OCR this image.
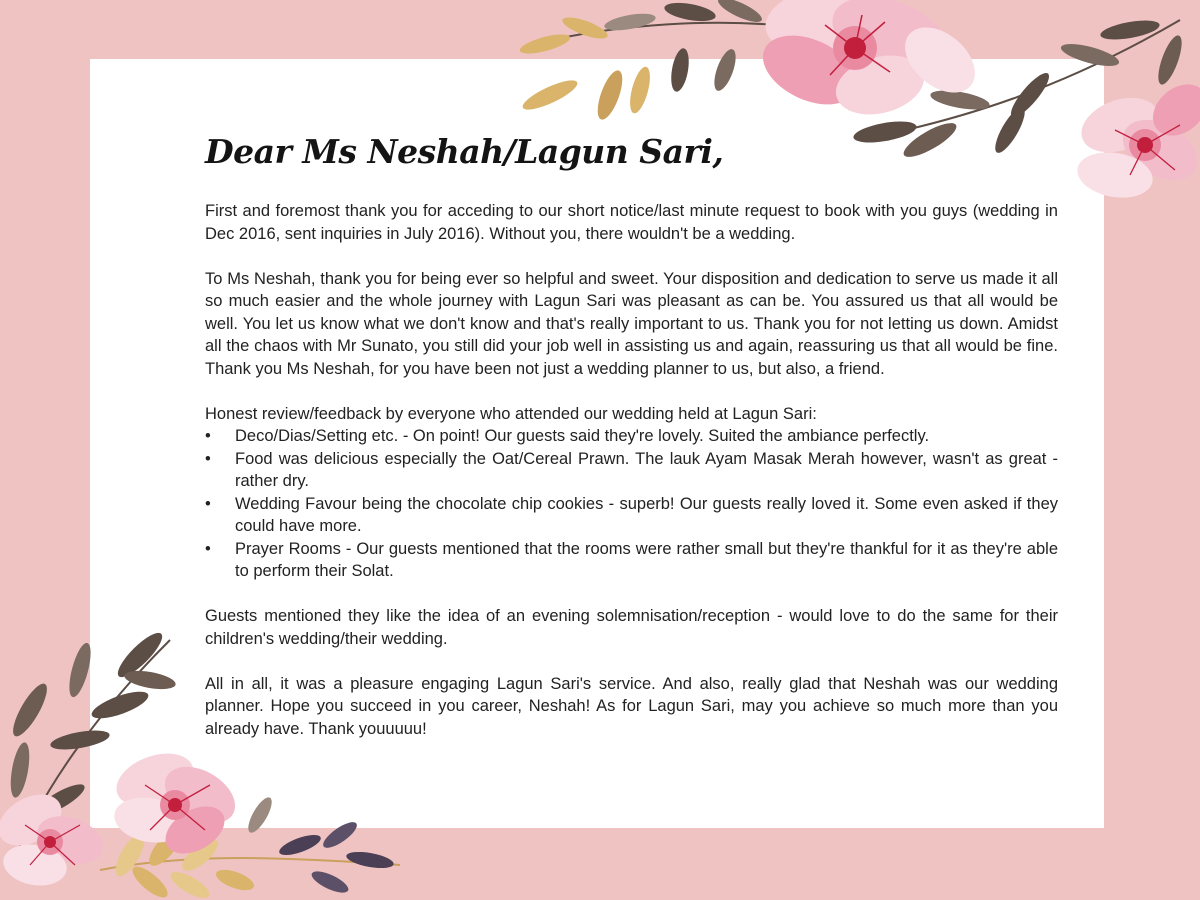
Dear Ms Neshah/Lagun Sari,

First and foremost thank you for acceding to our short notice/last minute request to book with you guys (wedding in Dec 2016, sent inquiries in July 2016). Without you, there wouldn't be a wedding.

To Ms Neshah, thank you for being ever so helpful and sweet. Your disposition and dedication to serve us made it all so much easier and the whole journey with Lagun Sari was pleasant as can be. You assured us that all would be well. You let us know what we don't know and that's really important to us. Thank you for not letting us down. Amidst all the chaos with Mr Sunato, you still did your job well in assisting us and again, reassuring us that all would be fine. Thank you Ms Neshah, for you have been not just a wedding planner to us, but also, a friend.

Honest review/feedback by everyone who attended our wedding held at Lagun Sari:

• Deco/Dias/Setting etc. - On point! Our guests said they're lovely. Suited the ambiance perfectly.
• Food was delicious especially the Oat/Cereal Prawn. The lauk Ayam Masak Merah however, wasn't as great - rather dry.
• Wedding Favour being the chocolate chip cookies - superb! Our guests really loved it. Some even asked if they could have more.
• Prayer Rooms - Our guests mentioned that the rooms were rather small but they're thankful for it as they're able to perform their Solat.

Guests mentioned they like the idea of an evening solemnisation/reception - would love to do the same for their children's wedding/their wedding.

All in all, it was a pleasure engaging Lagun Sari's service. And also, really glad that Neshah was our wedding planner. Hope you succeed in you career, Neshah! As for Lagun Sari, may you achieve so much more than you already have. Thank youuuuu!
